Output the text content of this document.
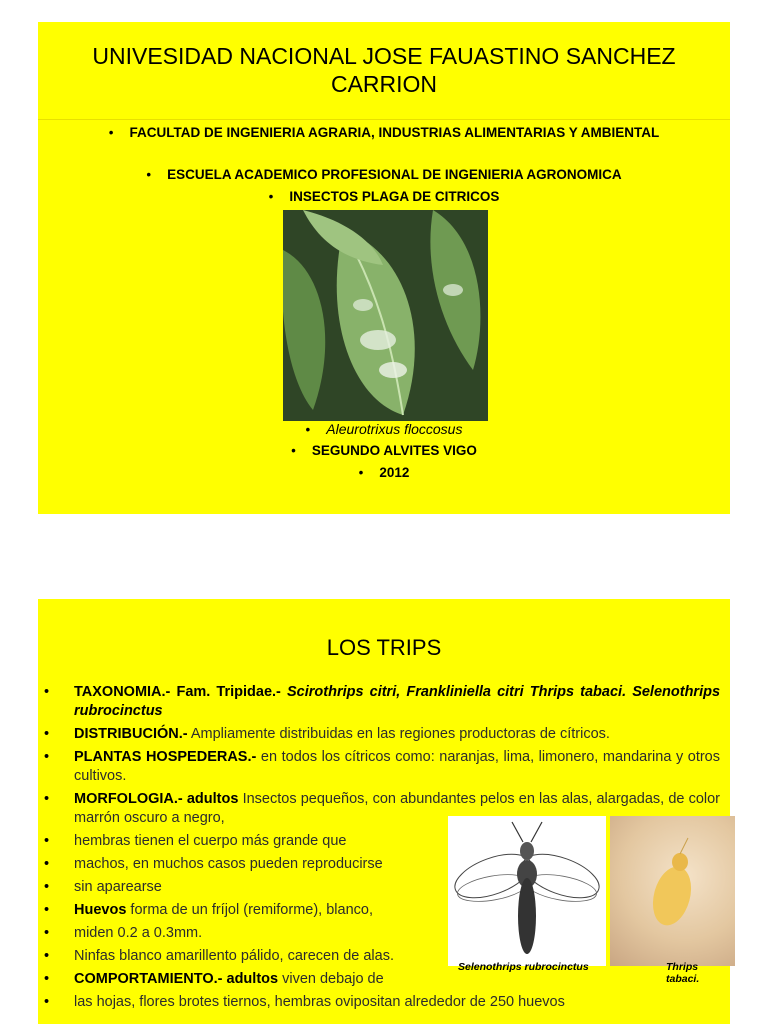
UNIVESIDAD NACIONAL JOSE FAUASTINO SANCHEZ CARRION
• FACULTAD DE INGENIERIA AGRARIA, INDUSTRIAS ALIMENTARIAS Y AMBIENTAL
• ESCUELA ACADEMICO PROFESIONAL DE INGENIERIA AGRONOMICA
• INSECTOS PLAGA DE CITRICOS
• Aleurotrixus floccosus
• SEGUNDO ALVITES VIGO
• 2012
LOS TRIPS
• TAXONOMIA.- Fam. Tripidae.- Scirothrips citri, Frankliniella citri Thrips tabaci. Selenothrips rubrocinctus
• DISTRIBUCIÓN.- Ampliamente distribuidas en las regiones productoras de cítricos.
• PLANTAS HOSPEDERAS.- en todos los cítricos como: naranjas, lima, limonero, mandarina y otros cultivos.
• MORFOLOGIA.- adultos Insectos pequeños, con abundantes pelos en las alas, alargadas, de color marrón oscuro a negro,
• hembras tienen el cuerpo más grande que
• machos, en muchos casos pueden reproducirse
• sin aparearse
• Huevos forma de un fríjol (remiforme), blanco,
• miden 0.2 a 0.3mm.
• Ninfas blanco amarillento pálido, carecen de alas.
• COMPORTAMIENTO.- adultos viven debajo de
• las hojas, flores brotes tiernos, hembras ovipositan alrededor de 250 huevos
Selenothrips rubrocinctus	Thrips tabaci.
